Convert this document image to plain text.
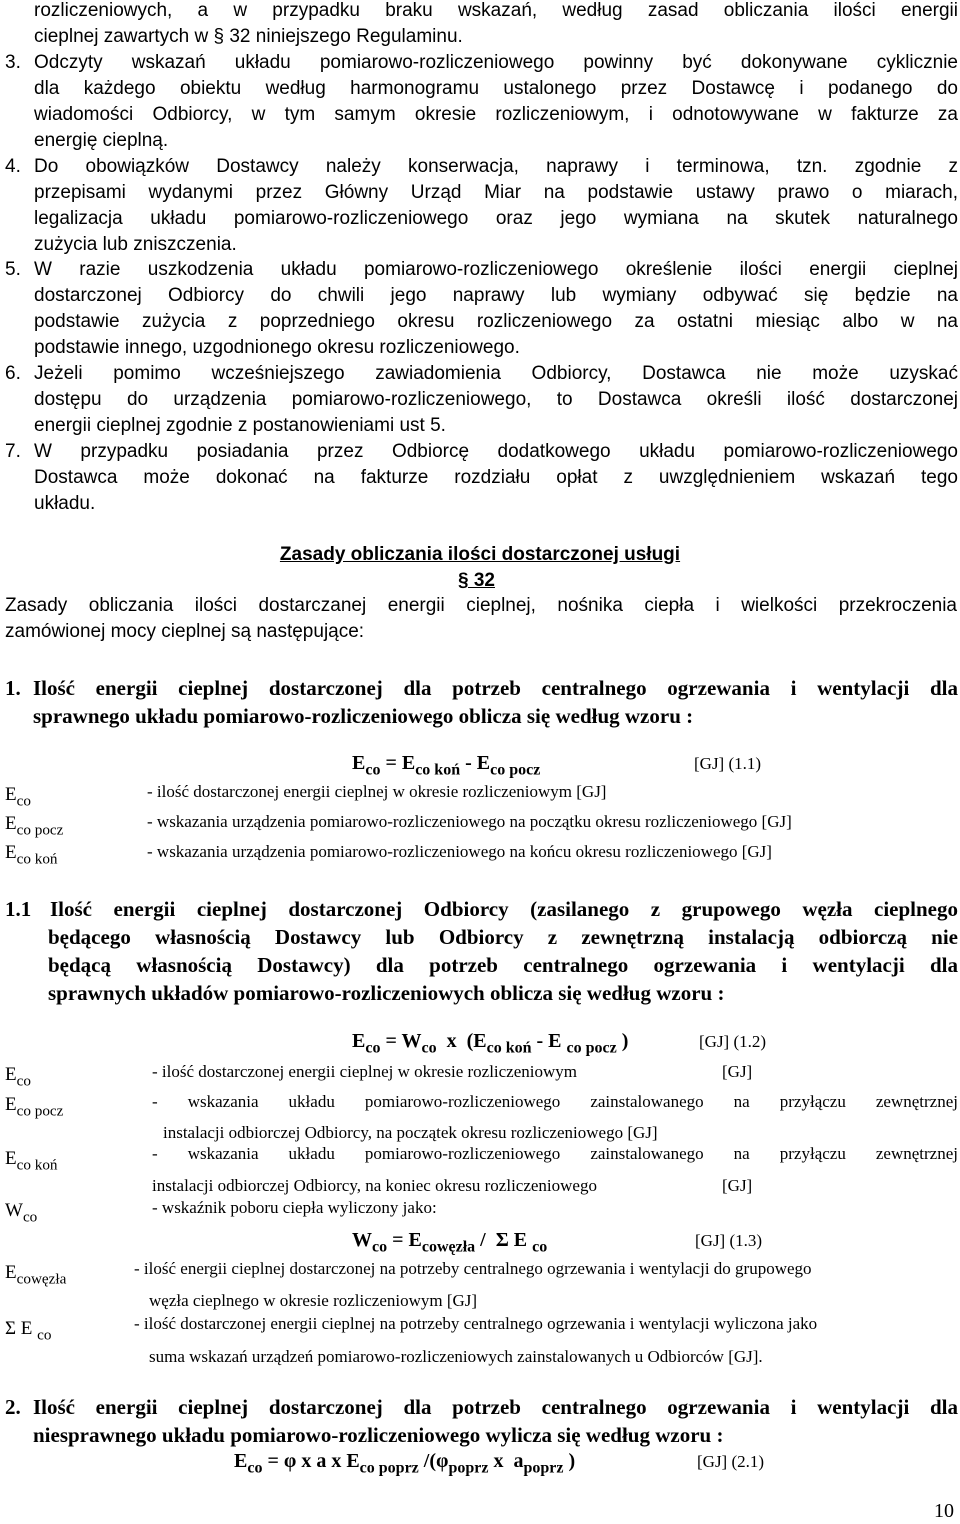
rozliczeniowych, a w przypadku braku wskazań, według zasad obliczania ilości energii
cieplnej zawartych w § 32 niniejszego Regulaminu.
3. Odczyty wskazań układu pomiarowo-rozliczeniowego powinny być dokonywane cyklicznie
dla każdego obiektu według harmonogramu ustalonego przez Dostawcę i podanego do
wiadomości Odbiorcy, w tym samym okresie rozliczeniowym, i odnotowywane w fakturze za
energię cieplną.
4. Do obowiązków Dostawcy należy konserwacja, naprawy i terminowa, tzn. zgodnie z
przepisami wydanymi przez Główny Urząd Miar na podstawie ustawy prawo o miarach,
legalizacja układu pomiarowo-rozliczeniowego oraz jego wymiana na skutek naturalnego
zużycia lub zniszczenia.
5. W razie uszkodzenia układu pomiarowo-rozliczeniowego określenie ilości energii cieplnej
dostarczonej Odbiorcy do chwili jego naprawy lub wymiany odbywać się będzie na
podstawie zużycia z poprzedniego okresu rozliczeniowego za ostatni miesiąc albo w na
podstawie innego, uzgodnionego okresu rozliczeniowego.
6. Jeżeli pomimo wcześniejszego zawiadomienia Odbiorcy, Dostawca nie może uzyskać
dostępu do urządzenia pomiarowo-rozliczeniowego, to Dostawca określi ilość dostarczonej
energii cieplnej zgodnie z postanowieniami ust 5.
7. W przypadku posiadania przez Odbiorcę dodatkowego układu pomiarowo-rozliczeniowego
Dostawca może dokonać na fakturze rozdziału opłat z uwzględnieniem wskazań tego
układu.
Zasady obliczania ilości dostarczonej usługi
§ 32
Zasady obliczania ilości dostarczanej energii cieplnej, nośnika ciepła i wielkości przekroczenia
zamówionej mocy cieplnej są następujące:
1. Ilość energii cieplnej dostarczonej dla potrzeb centralnego ogrzewania i wentylacji dla
sprawnego układu pomiarowo-rozliczeniowego oblicza się według wzoru :
$E_{co} = E_{co koń} - E_{co pocz}$	[GJ] (1.1)
$E_{co}$	- ilość dostarczonej energii cieplnej w okresie rozliczeniowym [GJ]
$E_{co pocz}$	- wskazania urządzenia pomiarowo-rozliczeniowego na początku okresu rozliczeniowego [GJ]
$E_{co koń}$	- wskazania urządzenia pomiarowo-rozliczeniowego na końcu okresu rozliczeniowego [GJ]
1.1 Ilość energii cieplnej dostarczonej Odbiorcy (zasilanego z grupowego węzła cieplnego
będącego własnością Dostawcy lub Odbiorcy z zewnętrzną instalacją odbiorczą nie
będącą własnością Dostawcy) dla potrzeb centralnego ogrzewania i wentylacji dla
sprawnych układów pomiarowo-rozliczeniowych oblicza się według wzoru :
$E_{co} = W_{co}$  x  ($E_{co koń}$ - E $_{co pocz}$ )	[GJ] (1.2)
$E_{co}$	- ilość dostarczonej energii cieplnej w okresie rozliczeniowym	[GJ]
$E_{co pocz}$	- wskazania układu pomiarowo-rozliczeniowego zainstalowanego na przyłączu zewnętrznej
instalacji odbiorczej Odbiorcy, na początek okresu rozliczeniowego [GJ]
$E_{co koń}$
- wskazania układu pomiarowo-rozliczeniowego zainstalowanego na przyłączu zewnętrznej
instalacji odbiorczej Odbiorcy, na koniec okresu rozliczeniowego	[GJ]
$W_{co}$	- wskaźnik poboru ciepła wyliczony jako:
$W_{co} = E_{cowęzła} / \Sigma$ E $_{co}$	[GJ] (1.3)
$E_{cowęzła}$
- ilość energii cieplnej dostarczonej na potrzeby centralnego ogrzewania i wentylacji do grupowego
węzła cieplnego w okresie rozliczeniowym [GJ]
Σ E $_{co}$
- ilość dostarczonej energii cieplnej na potrzeby centralnego ogrzewania i wentylacji wyliczona jako
suma wskazań urządzeń pomiarowo-rozliczeniowych zainstalowanych u Odbiorców [GJ].
2. Ilość energii cieplnej dostarczonej dla potrzeb centralnego ogrzewania i wentylacji dla
niesprawnego układu pomiarowo-rozliczeniowego wylicza się według wzoru :
$E_{co} = \varphi$ x a x $E_{co poprz}$ $/(\varphi_{poprz}$ x  $a_{poprz}$ )	[GJ] (2.1)
10
